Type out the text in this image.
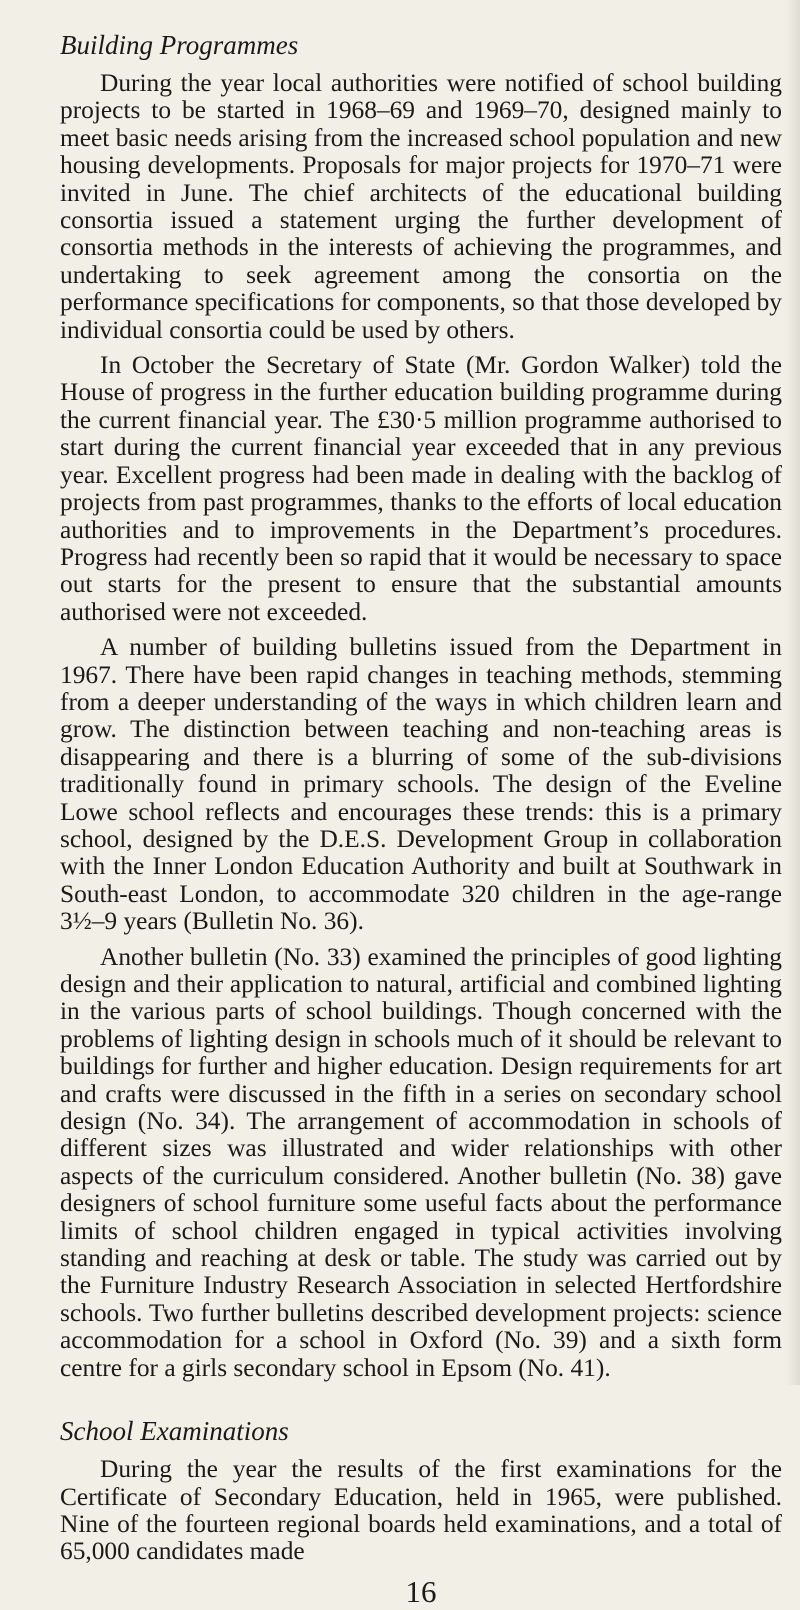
Building Programmes

During the year local authorities were notified of school building projects to be started in 1968–69 and 1969–70, designed mainly to meet basic needs arising from the increased school population and new housing developments. Proposals for major projects for 1970–71 were invited in June. The chief architects of the educational building consortia issued a statement urging the further development of consortia methods in the interests of achieving the programmes, and undertaking to seek agreement among the consortia on the performance specifications for components, so that those developed by individual consortia could be used by others.

In October the Secretary of State (Mr. Gordon Walker) told the House of progress in the further education building programme during the current financial year. The £30·5 million programme authorised to start during the current financial year exceeded that in any previous year. Excellent progress had been made in dealing with the backlog of projects from past programmes, thanks to the efforts of local education authorities and to improvements in the Department’s procedures. Progress had recently been so rapid that it would be necessary to space out starts for the present to ensure that the substantial amounts authorised were not exceeded.

A number of building bulletins issued from the Department in 1967. There have been rapid changes in teaching methods, stemming from a deeper understanding of the ways in which children learn and grow. The distinction between teaching and non-teaching areas is disappearing and there is a blurring of some of the sub-divisions traditionally found in primary schools. The design of the Eveline Lowe school reflects and encourages these trends: this is a primary school, designed by the D.E.S. Development Group in collaboration with the Inner London Education Authority and built at Southwark in South-east London, to accommodate 320 children in the age-range 3½–9 years (Bulletin No. 36).

Another bulletin (No. 33) examined the principles of good lighting design and their application to natural, artificial and combined lighting in the various parts of school buildings. Though concerned with the problems of lighting design in schools much of it should be relevant to buildings for further and higher education. Design requirements for art and crafts were discussed in the fifth in a series on secondary school design (No. 34). The arrangement of accommodation in schools of different sizes was illustrated and wider relationships with other aspects of the curriculum considered. Another bulletin (No. 38) gave designers of school furniture some useful facts about the performance limits of school children engaged in typical activities involving standing and reaching at desk or table. The study was carried out by the Furniture Industry Research Association in selected Hertfordshire schools. Two further bulletins described development projects: science accommodation for a school in Oxford (No. 39) and a sixth form centre for a girls secondary school in Epsom (No. 41).

School Examinations

During the year the results of the first examinations for the Certificate of Secondary Education, held in 1965, were published. Nine of the fourteen regional boards held examinations, and a total of 65,000 candidates made

16
